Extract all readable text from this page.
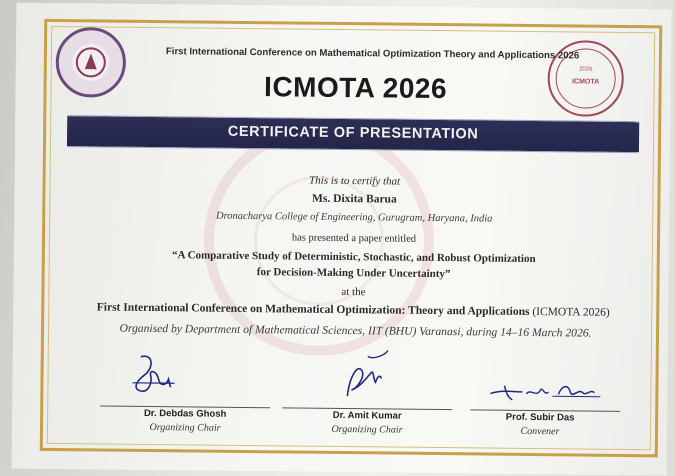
2026
ICMOTA
First International Conference on Mathematical Optimization Theory and Applications 2026
ICMOTA 2026
CERTIFICATE OF PRESENTATION
This is to certify that
Ms. Dixita Barua
Dronacharya College of Engineering, Gurugram, Haryana, India
has presented a paper entitled
“A Comparative Study of Deterministic, Stochastic, and Robust Optimization
for Decision-Making Under Uncertainty”
at the
First International Conference on Mathematical Optimization: Theory and Applications (ICMOTA 2026)
Organised by Department of Mathematical Sciences, IIT (BHU) Varanasi, during 14–16 March 2026.
Dr. Debdas Ghosh
Organizing Chair
Dr. Amit Kumar
Organizing Chair
Prof. Subir Das
Convener
